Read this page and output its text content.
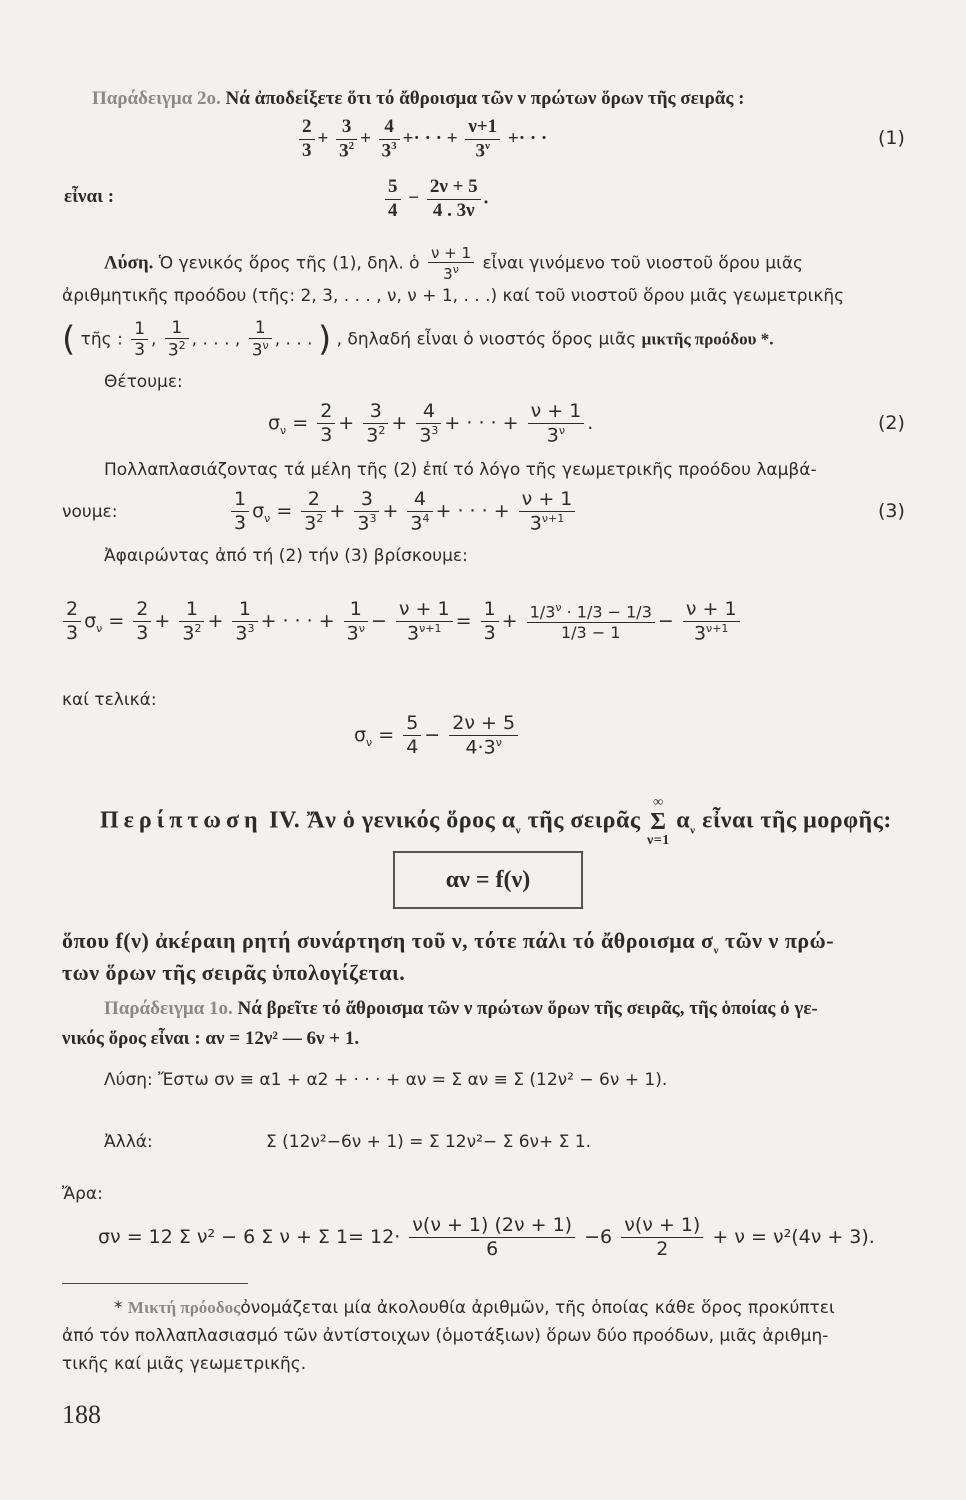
Παράδειγμα 2ο. Νά ἀποδείξετε ὅτι τό ἄθροισμα τῶν ν πρώτων ὅρων τῆς σειρᾶς :
$\frac{2}{3} + \frac{3}{3^2} + \frac{4}{3^3}$ +· · · + $\frac{\nu+1}{3^\nu}$ +· · ·	(1)
εἶναι :	$\frac{5}{4} - \frac{2\nu + 5}{4 . 3\nu}$ .
Λύση. Ὁ γενικός ὅρος τῆς (1), δηλ. ὁ $\frac{\nu + 1}{3^\nu}$ εἶναι γινόμενο τοῦ νιοστοῦ ὅρου μιᾶς
ἀριθμητικῆς προόδου (τῆς: 2, 3, . . . , ν, ν + 1, . . .) καί τοῦ νιοστοῦ ὅρου μιᾶς γεωμετρικῆς
( τῆς : $\frac{1}{3}$ , $\frac{1}{3^2}$ , . . . , $\frac{1}{3^\nu}$ , . . . ) , δηλαδή εἶναι ὁ νιοστός ὅρος μιᾶς μικτῆς προόδου *.
Θέτουμε:
$\sigma_\nu = \frac{2}{3} + \frac{3}{3^2} + \frac{4}{3^3}$ + · · · + $\frac{\nu + 1}{3^\nu}$ .	(2)
Πολλαπλασιάζοντας τά μέλη τῆς (2) ἐπί τό λόγο τῆς γεωμετρικῆς προόδου λαμβά-
νουμε:	$\frac{1}{3} \sigma_\nu = \frac{2}{3^2} + \frac{3}{3^3} + \frac{4}{3^4}$ + · · · + $\frac{\nu + 1}{3^{\nu+1}}$	(3)
Ἀφαιρώντας ἀπό τή (2) τήν (3) βρίσκουμε:
$\frac{2}{3} \sigma_\nu = \frac{2}{3} + \frac{1}{3^2} + \frac{1}{3^3}$ + · · · + $\frac{1}{3^\nu} - \frac{\nu + 1}{3^{\nu+1}} = \frac{1}{3} + \frac{1/3^\nu \cdot 1/3 - 1/3}{1/3 - 1} - \frac{\nu + 1}{3^{\nu+1}}$
καί τελικά:
$\sigma_\nu = \frac{5}{4} - \frac{2\nu + 5}{4\cdot 3^\nu}$
Περίπτωση IV. Ἄν ὁ γενικός ὅρος $\alpha_\nu$ τῆς σειρᾶς ∞
Σ
ν=1 $\alpha_\nu$ εἶναι τῆς μορφῆς:
αν = f(ν)
ὅπου f(ν) ἀκέραιη ρητή συνάρτηση τοῦ ν, τότε πάλι τό ἄθροισμα $\sigma_\nu$ τῶν ν πρώ-
των ὅρων τῆς σειρᾶς ὑπολογίζεται.
Παράδειγμα 1ο. Νά βρεῖτε τό ἄθροισμα τῶν ν πρώτων ὅρων τῆς σειρᾶς, τῆς ὁποίας ὁ γε-
νικός ὅρος εἶναι : αν = 12ν² — 6ν + 1.
Λύση: Ἔστω σν ≡ α1 + α2 + · · · + αν = Σ αν ≡ Σ (12ν² − 6ν + 1).
Ἀλλά:	Σ (12ν²−6ν + 1) = Σ 12ν²− Σ 6ν+ Σ 1.
Ἄρα:
σν = 12 Σ ν² − 6 Σ ν + Σ $1= 12\cdot \frac{\nu(\nu + 1) (2\nu + 1)}{6} -6 \frac{\nu(\nu + 1)}{2} + \nu = \nu^2(4\nu + 3)$.
* Μικτή πρόοδοςὀνομάζεται μία ἀκολουθία ἀριθμῶν, τῆς ὁποίας κάθε ὅρος προκύπτει
ἀπό τόν πολλαπλασιασμό τῶν ἀντίστοιχων (ὁμοτάξιων) ὅρων δύο προόδων, μιᾶς ἀριθμη-
τικῆς καί μιᾶς γεωμετρικῆς.
188
